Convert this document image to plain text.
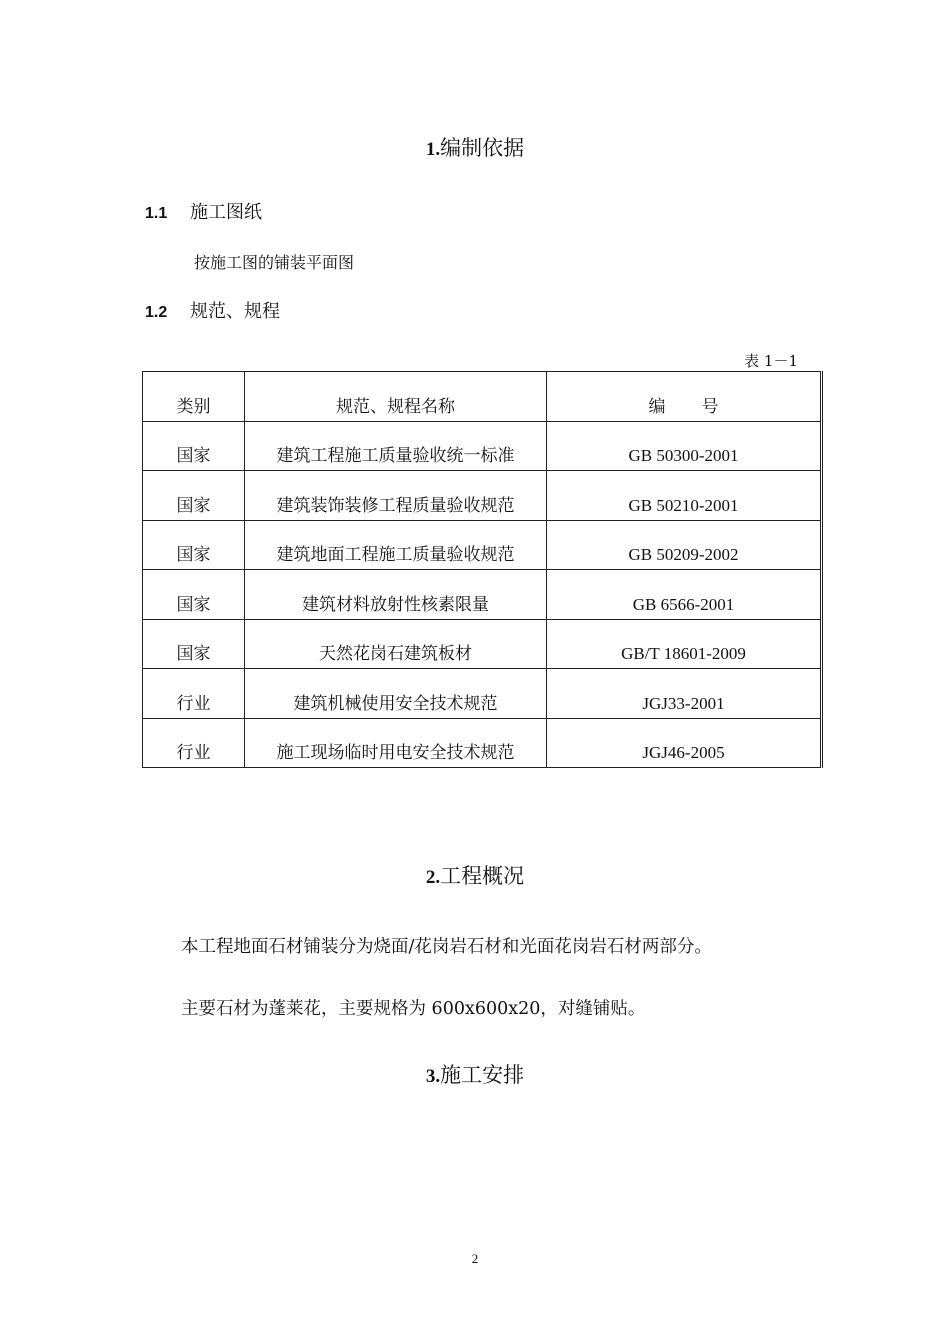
1.编制依据
1.1 施工图纸
按施工图的铺装平面图
1.2 规范、规程
表 1－1
类别	规范、规程名称	编号
国家	建筑工程施工质量验收统一标准	GB 50300-2001
国家	建筑装饰装修工程质量验收规范	GB 50210-2001
国家	建筑地面工程施工质量验收规范	GB 50209-2002
国家	建筑材料放射性核素限量	GB 6566-2001
国家	天然花岗石建筑板材	GB/T 18601-2009
行业	建筑机械使用安全技术规范	JGJ33-2001
行业	施工现场临时用电安全技术规范	JGJ46-2005
2.工程概况
本工程地面石材铺装分为烧面/花岗岩石材和光面花岗岩石材两部分。
主要石材为蓬莱花，主要规格为 600x600x20，对缝铺贴。
3.施工安排
2
